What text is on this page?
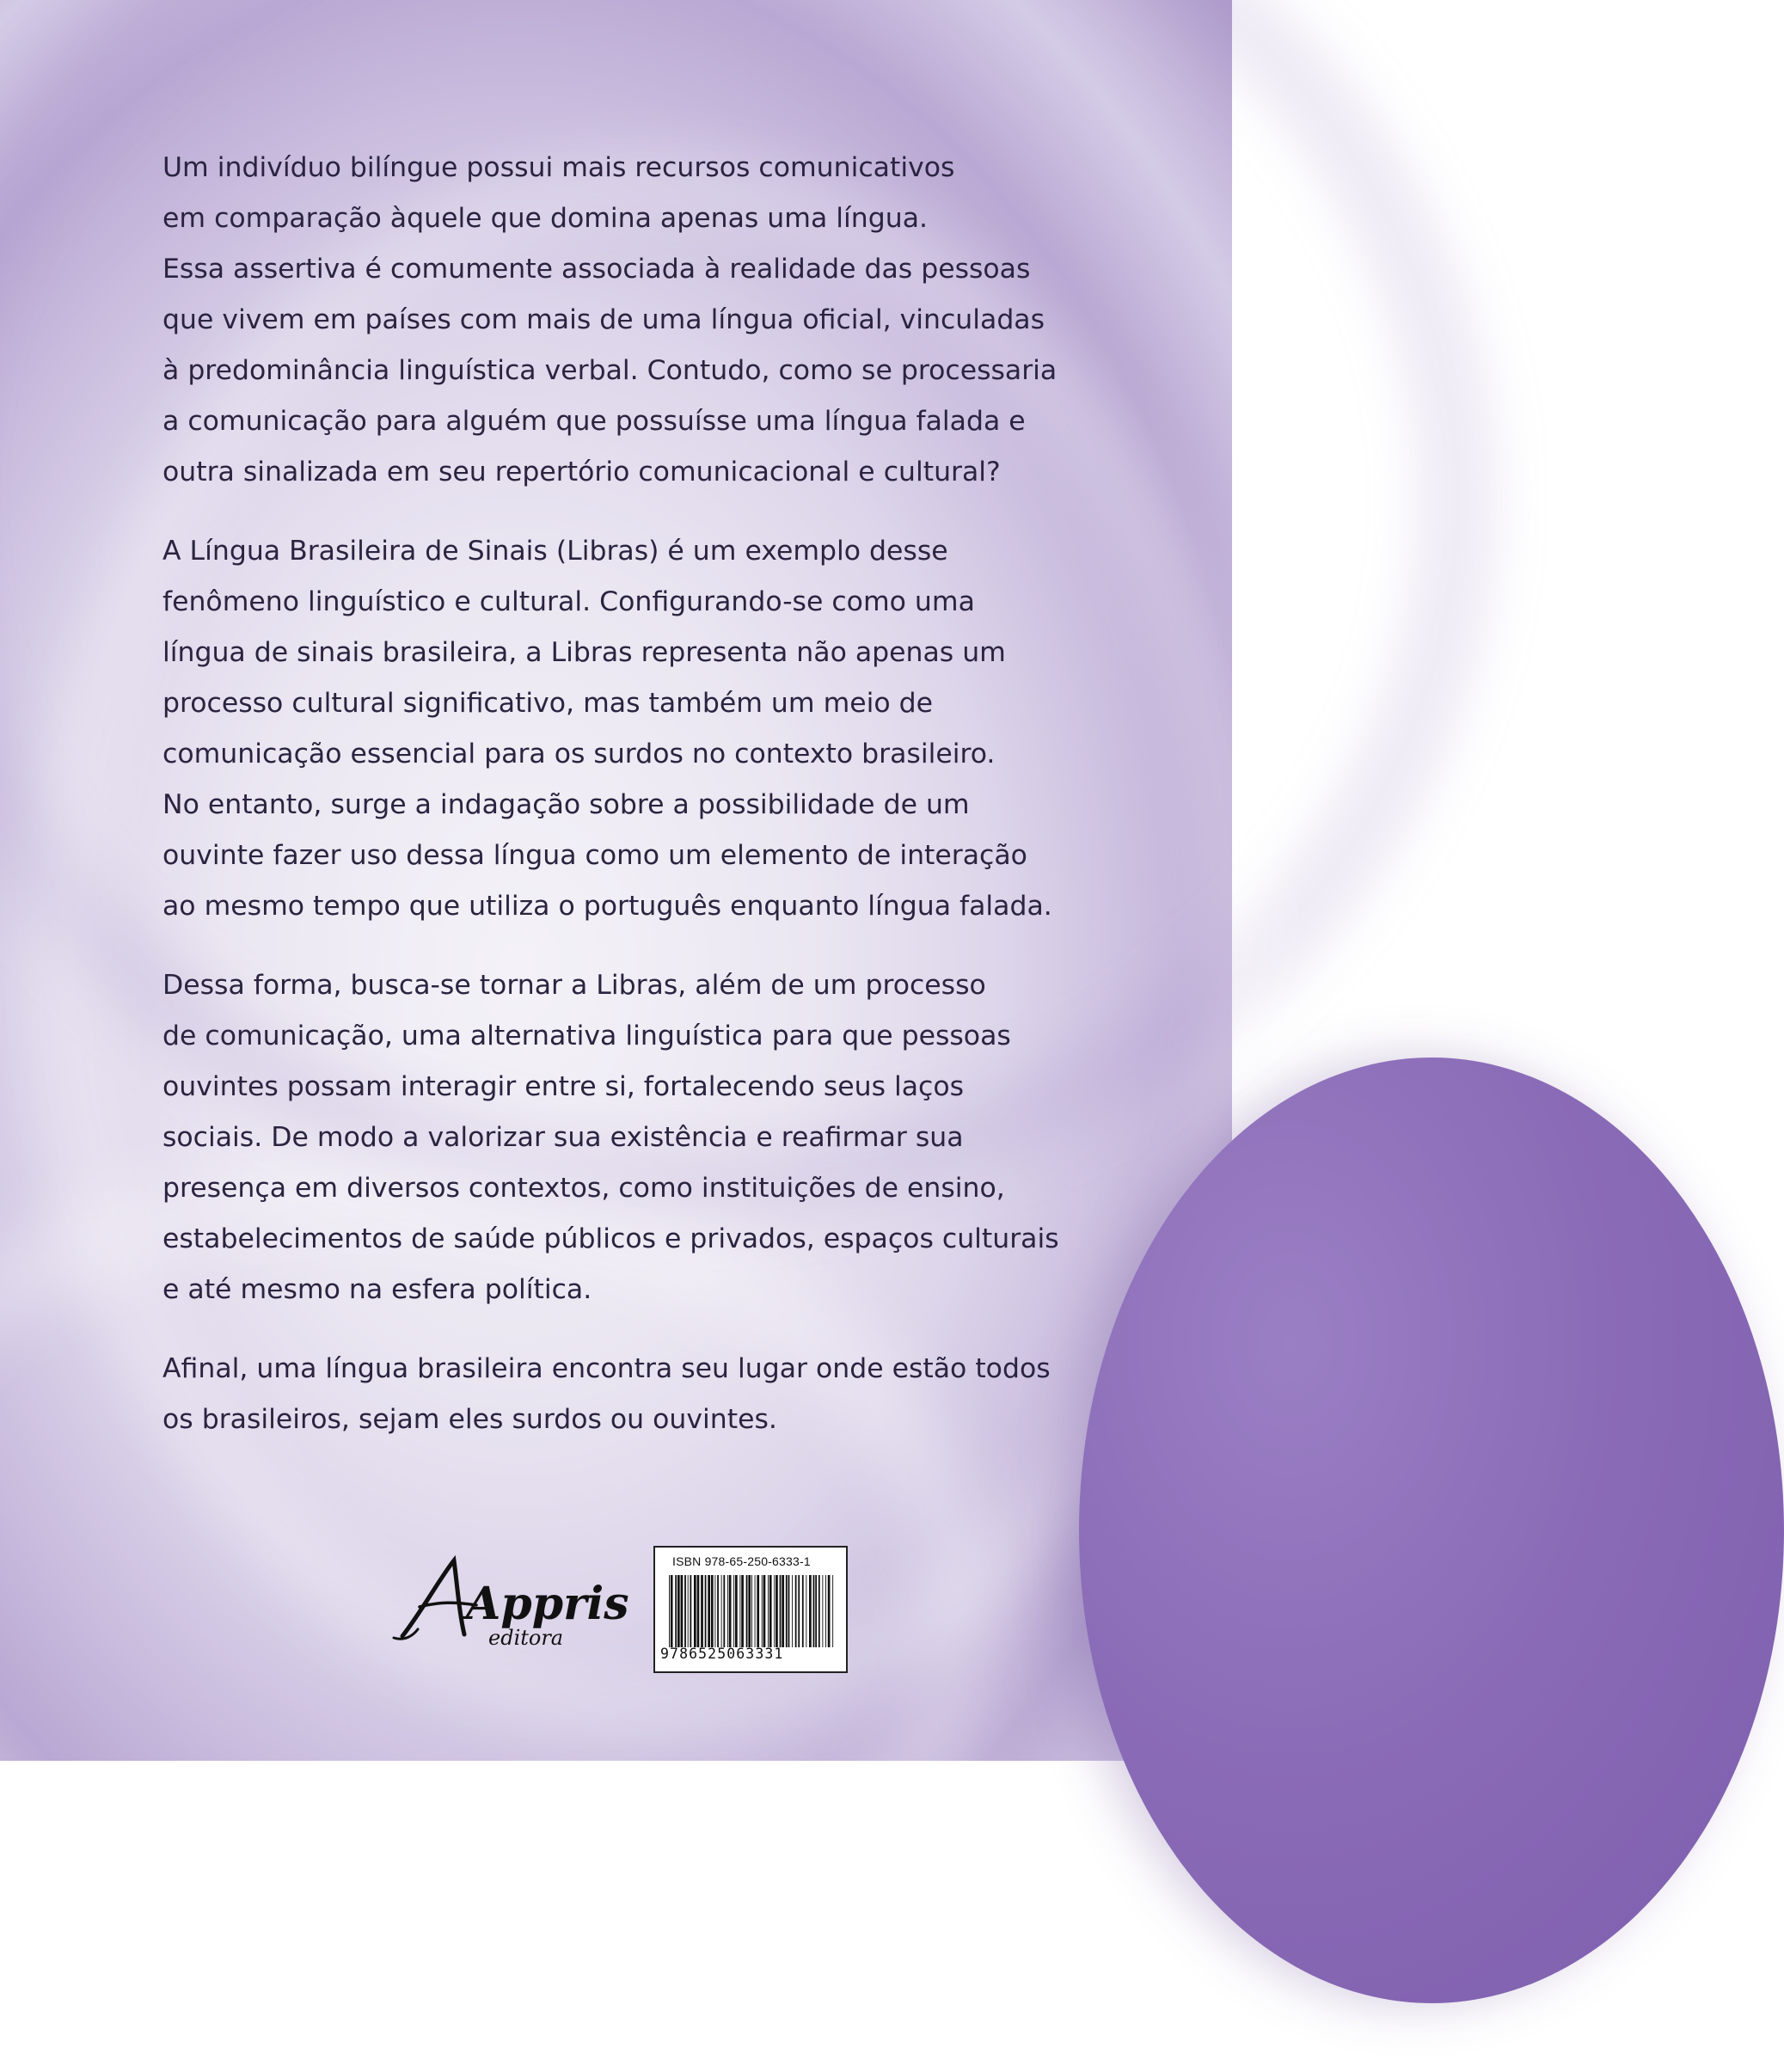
Um indivíduo bilíngue possui mais recursos comunicativos
em comparação àquele que domina apenas uma língua.
Essa assertiva é comumente associada à realidade das pessoas
que vivem em países com mais de uma língua oficial, vinculadas
à predominância linguística verbal. Contudo, como se processaria
a comunicação para alguém que possuísse uma língua falada e
outra sinalizada em seu repertório comunicacional e cultural?

A Língua Brasileira de Sinais (Libras) é um exemplo desse
fenômeno linguístico e cultural. Configurando-se como uma
língua de sinais brasileira, a Libras representa não apenas um
processo cultural significativo, mas também um meio de
comunicação essencial para os surdos no contexto brasileiro.
No entanto, surge a indagação sobre a possibilidade de um
ouvinte fazer uso dessa língua como um elemento de interação
ao mesmo tempo que utiliza o português enquanto língua falada.

Dessa forma, busca-se tornar a Libras, além de um processo
de comunicação, uma alternativa linguística para que pessoas
ouvintes possam interagir entre si, fortalecendo seus laços
sociais. De modo a valorizar sua existência e reafirmar sua
presença em diversos contextos, como instituições de ensino,
estabelecimentos de saúde públicos e privados, espaços culturais
e até mesmo na esfera política.

Afinal, uma língua brasileira encontra seu lugar onde estão todos
os brasileiros, sejam eles surdos ou ouvintes.

Appris
editora
ISBN 978-65-250-6333-1
9786525063331
